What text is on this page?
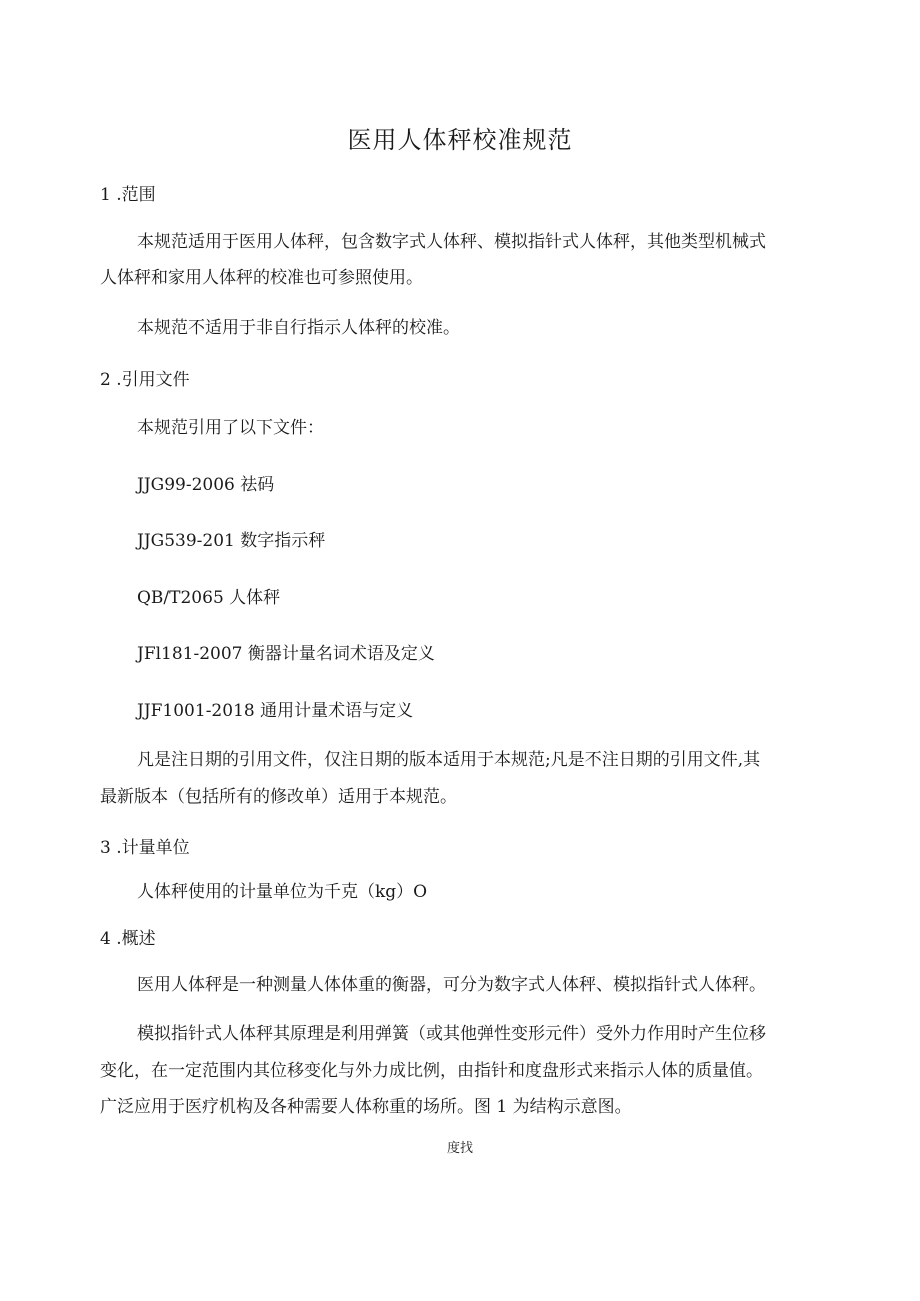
医用人体秤校准规范
1 .范围
本规范适用于医用人体秤，包含数字式人体秤、模拟指针式人体秤，其他类型机械式
人体秤和家用人体秤的校准也可参照使用。
本规范不适用于非自行指示人体秤的校准。
2 .引用文件
本规范引用了以下文件：
JJG99-2006 祛码
JJG539-201 数字指示秤
QB/T2065 人体秤
JFl181-2007 衡器计量名词术语及定义
JJF1001-2018 通用计量术语与定义
凡是注日期的引用文件，仅注日期的版本适用于本规范;凡是不注日期的引用文件,其
最新版本（包括所有的修改单）适用于本规范。
3 .计量单位
人体秤使用的计量单位为千克（kg）O
4 .概述
医用人体秤是一种测量人体体重的衡器，可分为数字式人体秤、模拟指针式人体秤。
模拟指针式人体秤其原理是利用弹簧（或其他弹性变形元件）受外力作用时产生位移
变化，在一定范围内其位移变化与外力成比例，由指针和度盘形式来指示人体的质量值。
广泛应用于医疗机构及各种需要人体称重的场所。图 1 为结构示意图。
度找
